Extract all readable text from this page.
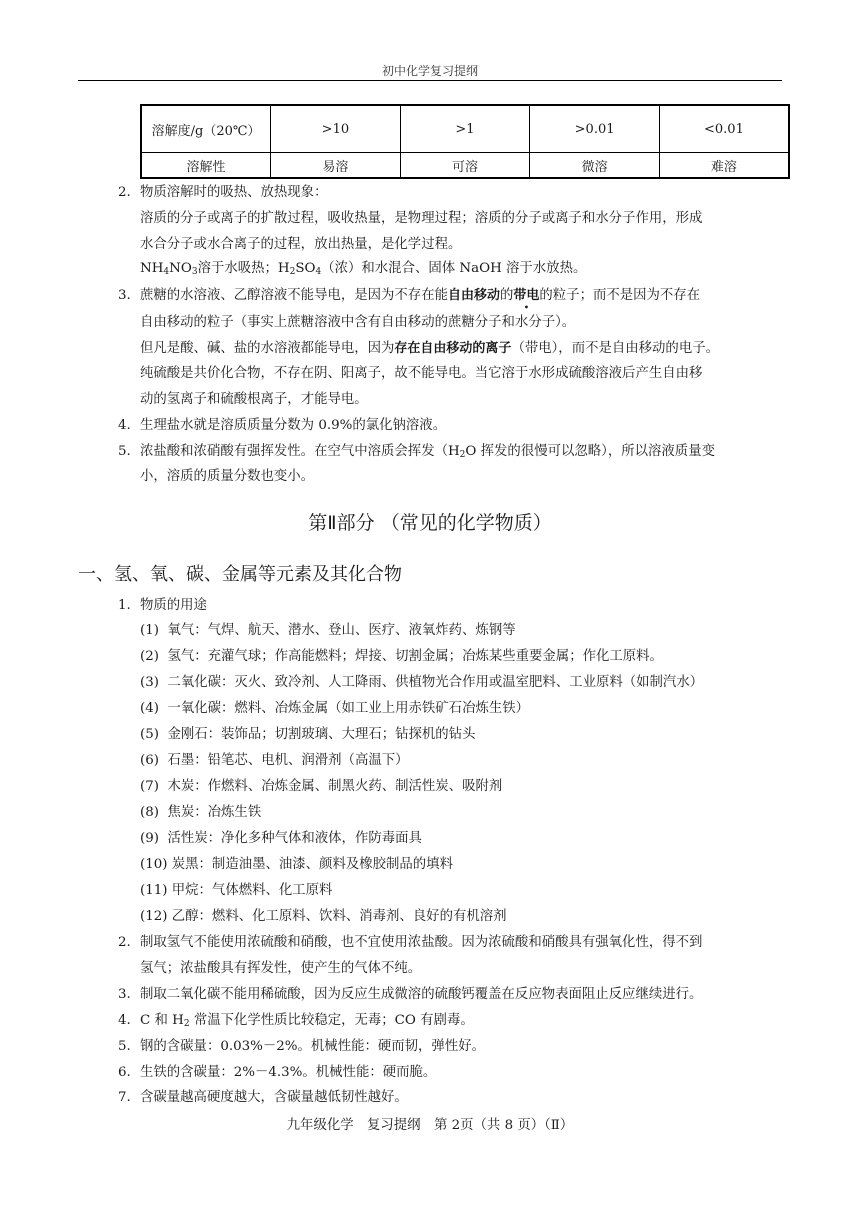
初中化学复习提纲
溶解度/g（20℃）	>10	>1	>0.01	<0.01
溶解性	易溶	可溶	微溶	难溶
2. 物质溶解时的吸热、放热现象：
溶质的分子或离子的扩散过程，吸收热量，是物理过程；溶质的分子或离子和水分子作用，形成
水合分子或水合离子的过程，放出热量，是化学过程。
$NH_4NO_3$溶于水吸热；$H_2SO_4$（浓）和水混合、固体 NaOH 溶于水放热。
3. 蔗糖的水溶液、乙醇溶液不能导电，是因为不存在能自由移动的带电的粒子；而不是因为不存在
自由移动的粒子（事实上蔗糖溶液中含有自由移动的蔗糖分子和水分子）。
但凡是酸、碱、盐的水溶液都能导电，因为存在自由移动的离子（带电），而不是自由移动的电子。
纯硫酸是共价化合物，不存在阴、阳离子，故不能导电。当它溶于水形成硫酸溶液后产生自由移
动的氢离子和硫酸根离子，才能导电。
4. 生理盐水就是溶质质量分数为 0.9%的氯化钠溶液。
5. 浓盐酸和浓硝酸有强挥发性。在空气中溶质会挥发（$H_2O$ 挥发的很慢可以忽略），所以溶液质量变
小，溶质的质量分数也变小。
第Ⅱ部分 （常见的化学物质）
一、氢、氧、碳、金属等元素及其化合物
1. 物质的用途
(1) 氧气：气焊、航天、潜水、登山、医疗、液氧炸药、炼钢等
(2) 氢气：充灌气球；作高能燃料；焊接、切割金属；冶炼某些重要金属；作化工原料。
(3) 二氧化碳：灭火、致冷剂、人工降雨、供植物光合作用或温室肥料、工业原料（如制汽水）
(4) 一氧化碳：燃料、冶炼金属（如工业上用赤铁矿石冶炼生铁）
(5) 金刚石：装饰品；切割玻璃、大理石；钻探机的钻头
(6) 石墨：铅笔芯、电机、润滑剂（高温下）
(7) 木炭：作燃料、冶炼金属、制黑火药、制活性炭、吸附剂
(8) 焦炭：冶炼生铁
(9) 活性炭：净化多种气体和液体，作防毒面具
(10) 炭黑：制造油墨、油漆、颜料及橡胶制品的填料
(11) 甲烷：气体燃料、化工原料
(12) 乙醇：燃料、化工原料、饮料、消毒剂、良好的有机溶剂
2. 制取氢气不能使用浓硫酸和硝酸，也不宜使用浓盐酸。因为浓硫酸和硝酸具有强氧化性，得不到
氢气；浓盐酸具有挥发性，使产生的气体不纯。
3. 制取二氧化碳不能用稀硫酸，因为反应生成微溶的硫酸钙覆盖在反应物表面阻止反应继续进行。
4. C 和 $H_2$ 常温下化学性质比较稳定，无毒；CO 有剧毒。
5. 钢的含碳量：0.03%－2%。机械性能：硬而韧，弹性好。
6. 生铁的含碳量：2%－4.3%。机械性能：硬而脆。
7. 含碳量越高硬度越大，含碳量越低韧性越好。
九年级化学　复习提纲　第 2页（共 8 页）（Ⅱ）
